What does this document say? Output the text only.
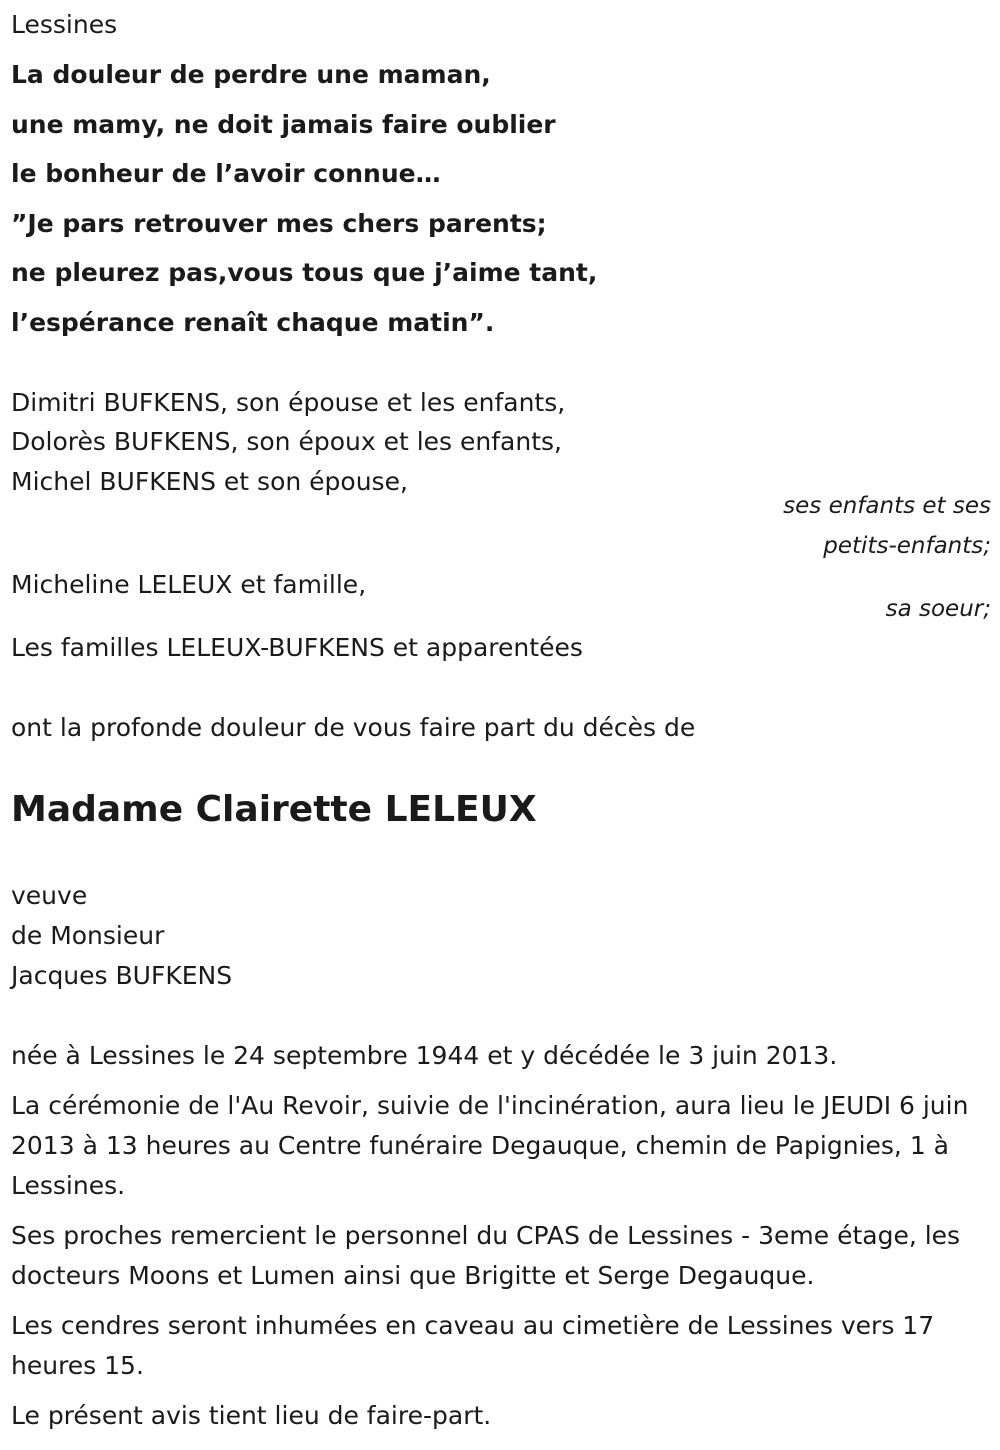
Lessines
La douleur de perdre une maman,
une mamy, ne doit jamais faire oublier
le bonheur de l’avoir connue…
”Je pars retrouver mes chers parents;
ne pleurez pas,vous tous que j’aime tant,
l’espérance renaît chaque matin”.
Dimitri BUFKENS, son épouse et les enfants,
Dolorès BUFKENS, son époux et les enfants,
Michel BUFKENS et son épouse,
ses enfants et ses
petits-enfants;
Micheline LELEUX et famille,
sa soeur;
Les familles LELEUX-BUFKENS et apparentées
ont la profonde douleur de vous faire part du décès de
Madame Clairette LELEUX
veuve
de Monsieur
Jacques BUFKENS
née à Lessines le 24 septembre 1944 et y décédée le 3 juin 2013.
La cérémonie de l'Au Revoir, suivie de l'incinération, aura lieu le JEUDI 6 juin 2013 à 13 heures au Centre funéraire Degauque, chemin de Papignies, 1 à Lessines.
Ses proches remercient le personnel du CPAS de Lessines - 3eme étage, les docteurs Moons et Lumen ainsi que Brigitte et Serge Degauque.
Les cendres seront inhumées en caveau au cimetière de Lessines vers 17 heures 15.
Le présent avis tient lieu de faire-part.
